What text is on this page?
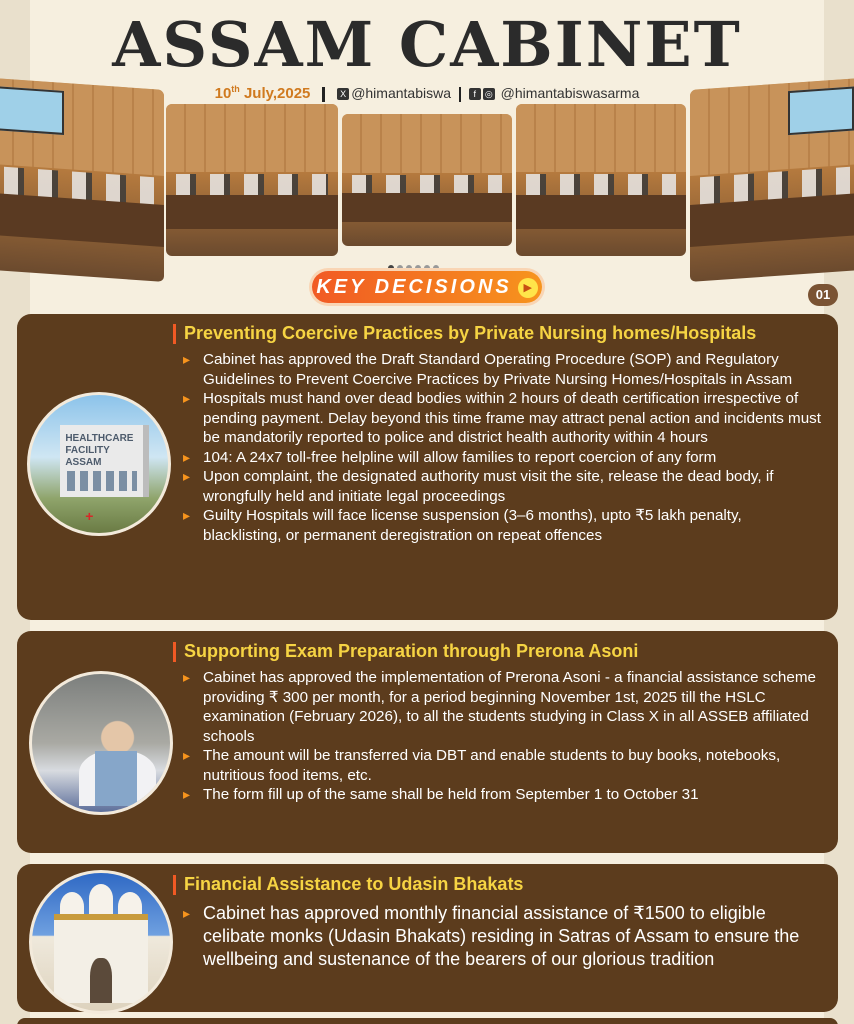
ASSAM CABINET
10th July,2025	X @himantabiswa	f ◎ @himantabiswasarma
KEY DECISIONS ▶	01
Preventing Coercive Practices by Private Nursing homes/Hospitals
HEALTHCARE
FACILITY
ASSAM
+
▸ Cabinet has approved the Draft Standard Operating Procedure (SOP) and Regulatory Guidelines to Prevent Coercive Practices by Private Nursing Homes/Hospitals in Assam
▸ Hospitals must hand over dead bodies within 2 hours of death certification irrespective of pending payment. Delay beyond this time frame may attract penal action and incidents must be mandatorily reported to police and district health authority within 4 hours
▸ 104: A 24x7 toll-free helpline will allow families to report coercion of any form
▸ Upon complaint, the designated authority must visit the site, release the dead body, if wrongfully held and initiate legal proceedings
▸ Guilty Hospitals will face license suspension (3–6 months), upto ₹5 lakh penalty, blacklisting, or permanent deregistration on repeat offences
Supporting Exam Preparation through Prerona Asoni
▸ Cabinet has approved the implementation of Prerona Asoni - a financial assistance scheme providing ₹ 300 per month, for a period beginning November 1st, 2025 till the HSLC examination (February 2026), to all the students studying in Class X in all ASSEB affiliated schools
▸ The amount will be transferred via DBT and enable students to buy books, notebooks, nutritious food items, etc.
▸ The form fill up of the same shall be held from September 1 to October 31
Financial Assistance to Udasin Bhakats
▸ Cabinet has approved monthly financial assistance of ₹1500 to eligible celibate monks (Udasin Bhakats) residing in Satras of Assam to ensure the wellbeing and sustenance of the bearers of our glorious tradition
